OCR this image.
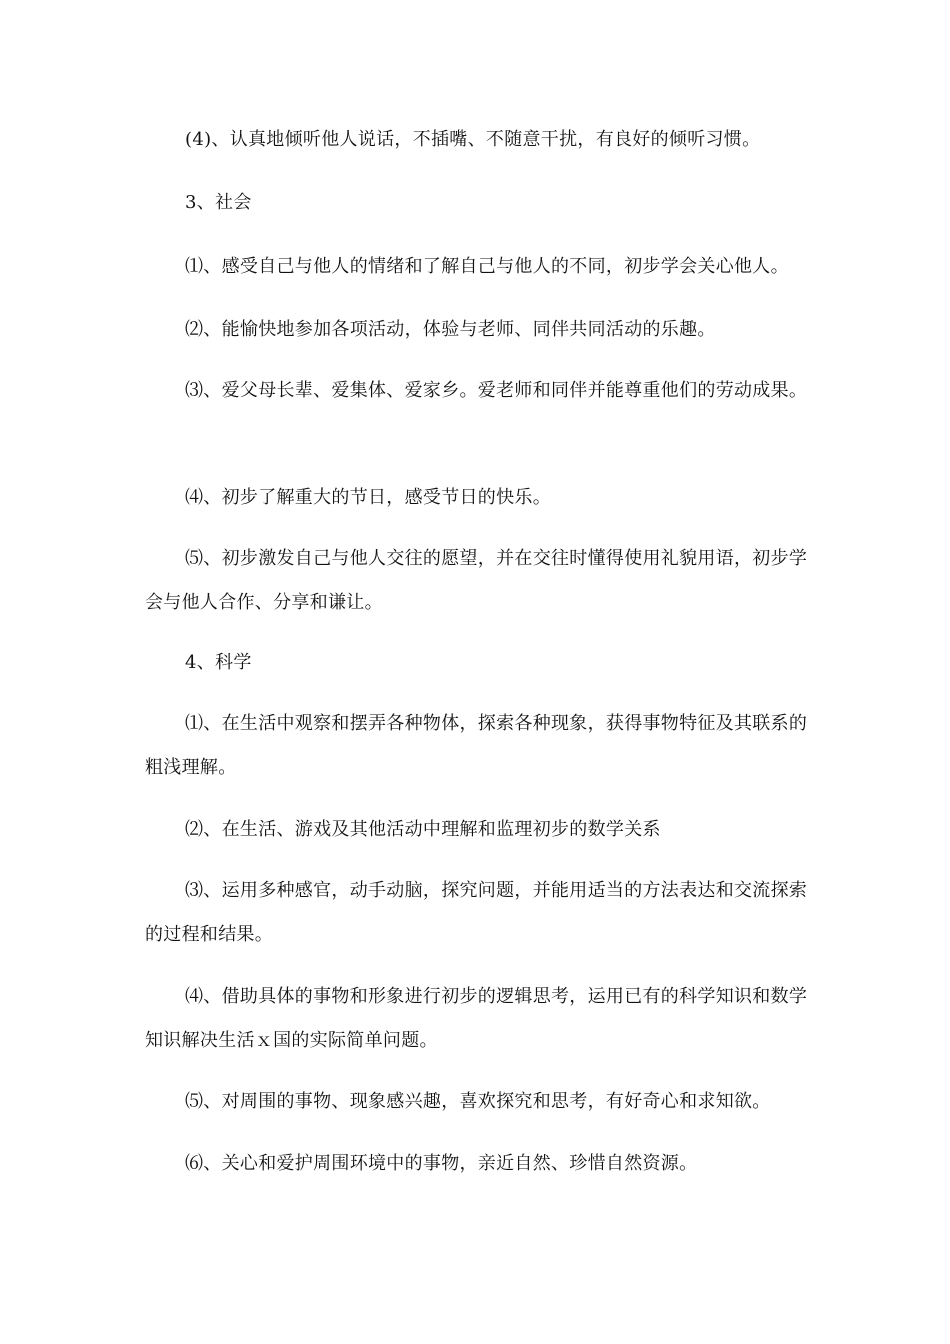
(4)、认真地倾听他人说话，不插嘴、不随意干扰，有良好的倾听习惯。

3、社会

⑴、感受自己与他人的情绪和了解自己与他人的不同，初步学会关心他人。

⑵、能愉快地参加各项活动，体验与老师、同伴共同活动的乐趣。

⑶、爱父母长辈、爱集体、爱家乡。爱老师和同伴并能尊重他们的劳动成果。

⑷、初步了解重大的节日，感受节日的快乐。

⑸、初步激发自己与他人交往的愿望，并在交往时懂得使用礼貌用语，初步学会与他人合作、分享和谦让。

4、科学

⑴、在生活中观察和摆弄各种物体，探索各种现象，获得事物特征及其联系的粗浅理解。

⑵、在生活、游戏及其他活动中理解和监理初步的数学关系

⑶、运用多种感官，动手动脑，探究问题，并能用适当的方法表达和交流探索的过程和结果。

⑷、借助具体的事物和形象进行初步的逻辑思考，运用已有的科学知识和数学知识解决生活ｘ国的实际简单问题。

⑸、对周围的事物、现象感兴趣，喜欢探究和思考，有好奇心和求知欲。

⑹、关心和爱护周围环境中的事物，亲近自然、珍惜自然资源。
